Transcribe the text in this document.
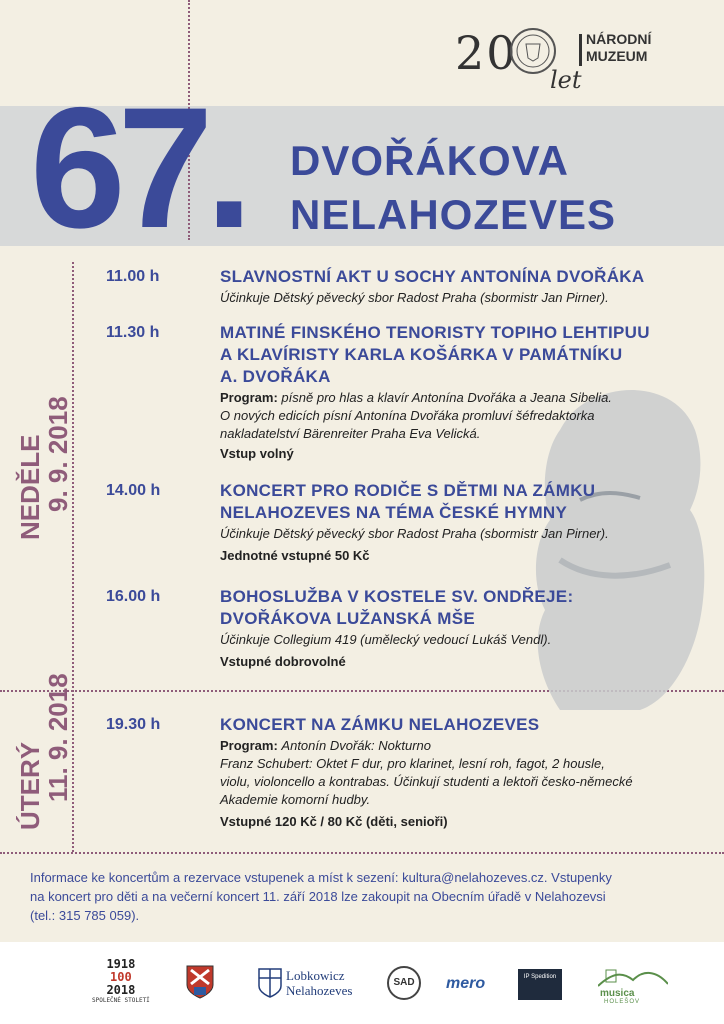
20	NÁRODNÍ
MUZEUM
let
67. DVOŘÁKOVA
NELAHOZEVES
NEDĚLE
9. 9. 2018
ÚTERÝ
11. 9. 2018
11.00 h	SLAVNOSTNÍ AKT U SOCHY ANTONÍNA DVOŘÁKA
Účinkuje Dětský pěvecký sbor Radost Praha (sbormistr Jan Pirner).
11.30 h	MATINÉ FINSKÉHO TENORISTY TOPIHO LEHTIPUU
A KLAVÍRISTY KARLA KOŠÁRKA V PAMÁTNÍKU
A. DVOŘÁKA
Program: písně pro hlas a klavír Antonína Dvořáka a Jeana Sibelia.
O nových edicích písní Antonína Dvořáka promluví šéfredaktorka
nakladatelství Bärenreiter Praha Eva Velická.
Vstup volný
14.00 h	KONCERT PRO RODIČE S DĚTMI NA ZÁMKU
NELAHOZEVES NA TÉMA ČESKÉ HYMNY
Účinkuje Dětský pěvecký sbor Radost Praha (sbormistr Jan Pirner).
Jednotné vstupné 50 Kč
16.00 h	BOHOSLUŽBA V KOSTELE SV. ONDŘEJE:
DVOŘÁKOVA LUŽANSKÁ MŠE
Účinkuje Collegium 419 (umělecký vedoucí Lukáš Vendl).
Vstupné dobrovolné
19.30 h	KONCERT NA ZÁMKU NELAHOZEVES
Program: Antonín Dvořák: Nokturno
Franz Schubert: Oktet F dur, pro klarinet, lesní roh, fagot, 2 housle,
violu, violoncello a kontrabas. Účinkují studenti a lektoři česko-německé
Akademie komorní hudby.
Vstupné 120 Kč / 80 Kč (děti, senioři)
Informace ke koncertům a rezervace vstupenek a míst k sezení: kultura@nelahozeves.cz. Vstupenky
na koncert pro děti a na večerní koncert 11. září 2018 lze zakoupit na Obecním úřadě v Nelahozevsi
(tel.: 315 785 059).
1918
100
2018
SPOLEČNÉ STOLETÍ
Lobkowicz
Nelahozeves
SAD	mero	IP Spedition
musica
HOLEŠOV
